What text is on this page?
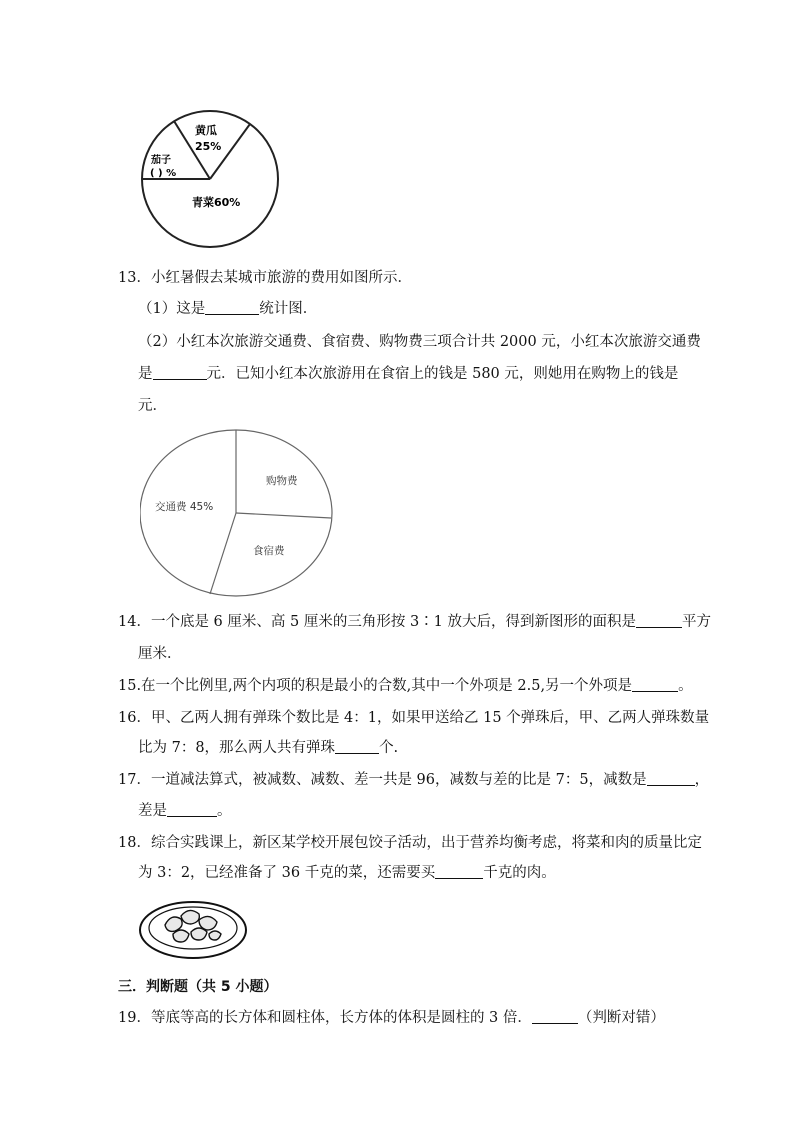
黄瓜
25%
茄子
( ) %
青菜60%
13．小红暑假去某城市旅游的费用如图所示．
（1）这是	统计图．
（2）小红本次旅游交通费、食宿费、购物费三项合计共 2000 元，小红本次旅游交通费
是	元．已知小红本次旅游用在食宿上的钱是 580 元，则她用在购物上的钱是
元．
交通费 45%
购物费
食宿费
14．一个底是 6 厘米、高 5 厘米的三角形按 3∶1 放大后，得到新图形的面积是	平方
厘米．
15.在一个比例里,两个内项的积是最小的合数,其中一个外项是 2.5,另一个外项是	。
16．甲、乙两人拥有弹珠个数比是 4：1，如果甲送给乙 15 个弹珠后，甲、乙两人弹珠数量
比为 7：8，那么两人共有弹珠	个.
17．一道减法算式，被减数、减数、差一共是 96，减数与差的比是 7：5，减数是	，
差是	。
18．综合实践课上，新区某学校开展包饺子活动，出于营养均衡考虑，将菜和肉的质量比定
为 3：2，已经准备了 36 千克的菜，还需要买	千克的肉。
三．判断题（共 5 小题）
19．等底等高的长方体和圆柱体，长方体的体积是圆柱的 3 倍．	（判断对错）
